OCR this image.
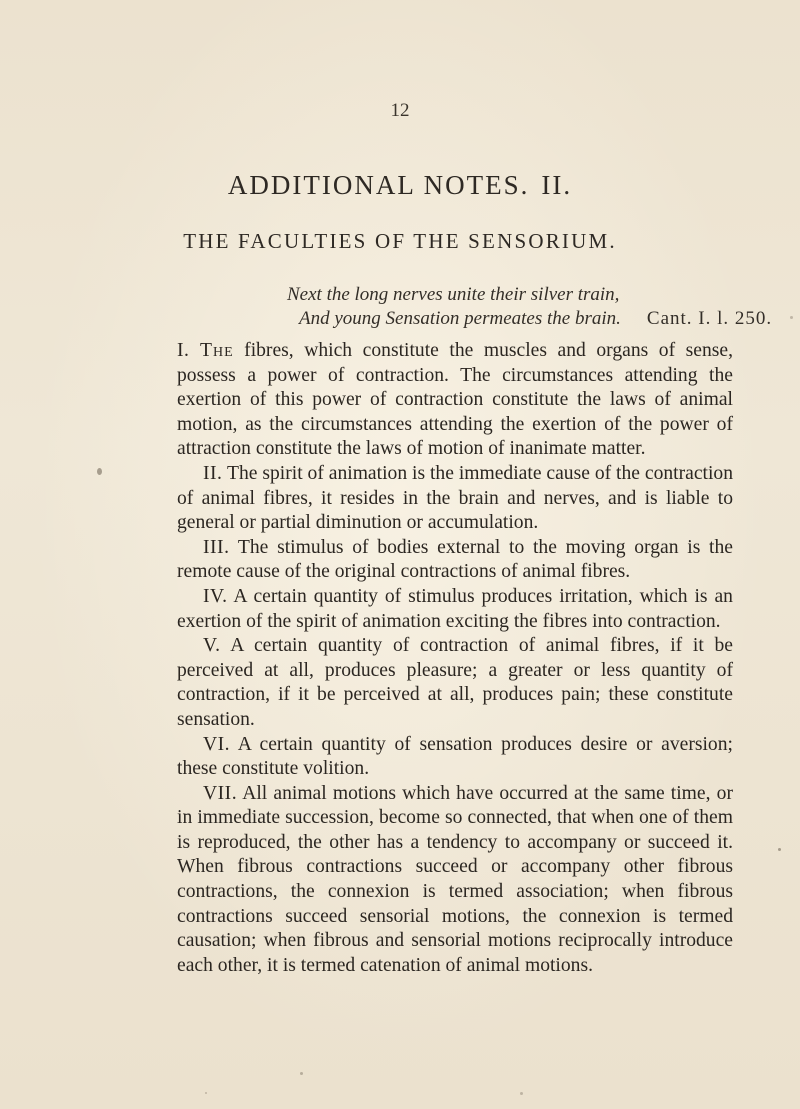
12
ADDITIONAL NOTES. II.
THE FACULTIES OF THE SENSORIUM.
Next the long nerves unite their silver train,
And young Sensation permeates the brain. Cant. I. l. 250.

I. The fibres, which constitute the muscles and organs of sense, possess a power of contraction. The circumstances attending the exertion of this power of contraction constitute the laws of animal motion, as the circumstances attending the exertion of the power of attraction constitute the laws of motion of inanimate matter.

II. The spirit of animation is the immediate cause of the contraction of animal fibres, it resides in the brain and nerves, and is liable to general or partial diminution or accumulation.

III. The stimulus of bodies external to the moving organ is the remote cause of the original contractions of animal fibres.

IV. A certain quantity of stimulus produces irritation, which is an exertion of the spirit of animation exciting the fibres into contraction.

V. A certain quantity of contraction of animal fibres, if it be perceived at all, produces pleasure; a greater or less quantity of contraction, if it be perceived at all, produces pain; these constitute sensation.

VI. A certain quantity of sensation produces desire or aversion; these constitute volition.

VII. All animal motions which have occurred at the same time, or in immediate succession, become so connected, that when one of them is reproduced, the other has a tendency to accompany or succeed it. When fibrous contractions succeed or accompany other fibrous contractions, the connexion is termed association; when fibrous contractions succeed sensorial motions, the connexion is termed causation; when fibrous and sensorial motions reciprocally introduce each other, it is termed catenation of animal motions.
